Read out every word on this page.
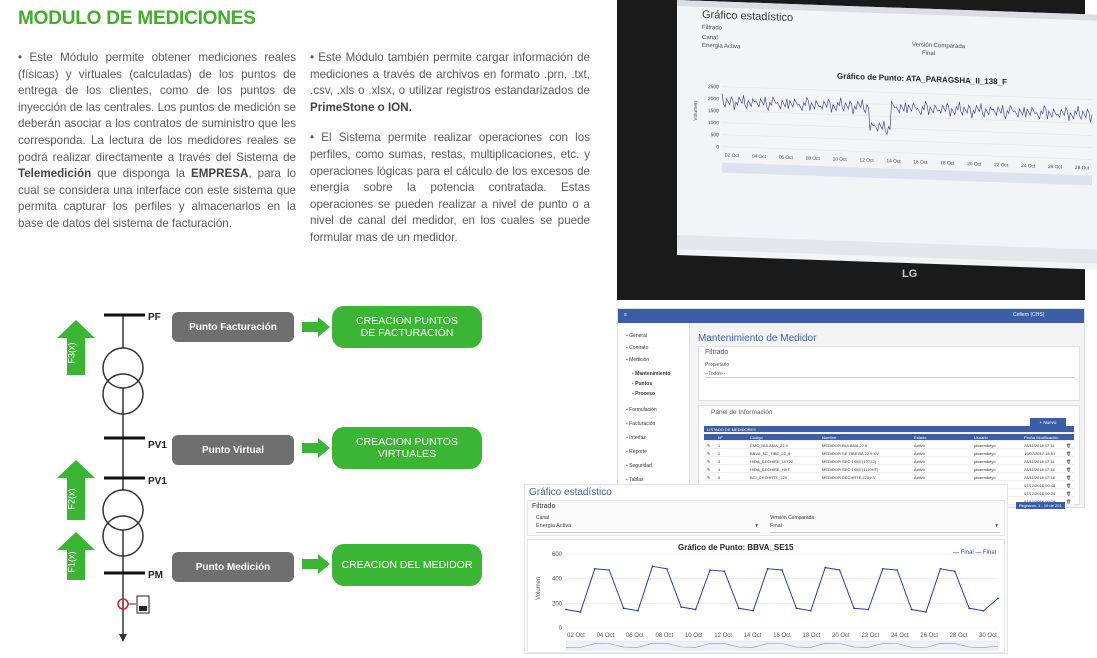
MODULO DE MEDICIONES
• Este Módulo permite obtener mediciones reales (físicas) y virtuales (calculadas) de los puntos de entrega de los clientes, como de los puntos de inyección de las centrales. Los puntos de medición se deberán asociar a los contratos de suministro que les corresponda. La lectura de los medidores reales se podrá realizar directamente a través del Sistema de Telemedición que disponga la EMPRESA, para lo cual se considera una interface con este sistema que permita capturar los perfiles y almacenarlos en la base de datos del sistema de facturación.
• Este Módulo también permite cargar información de mediciones a través de archivos en formato .prn, .txt, .csv, .xls o .xlsx, o utilizar registros estandarizados de PrimeStone o ION.
• El Sistema permite realizar operaciones con los perfiles, como sumas, restas, multiplicaciones, etc. y operaciones lógicas para el cálculo de los excesos de energía sobre la potencia contratada. Estas operaciones se pueden realizar a nivel de punto o a nivel de canal del medidor, en los cuales se puede formular mas de un medidor.
F3(x)
F2(x)
F1(x)
PF
PV1
PV1
PM
Punto Facturación
Punto Virtual
Punto Medición
CREACION PUNTOS DE FACTURACIÓN
CREACION PUNTOS VIRTUALES
CREACION DEL MEDIDOR
Gráfico estadístico
Filtrado
Canal
Energia Activa	Versión Comparada
Final
Gráfico de Punto: ATA_PARAGSHA_II_138_F
2500
2000
1500
1000
500
0
Volumen
02 Oct	04 Oct	06 Oct	08 Oct	10 Oct	12 Oct	14 Oct	16 Oct	18 Oct	20 Oct	22 Oct	24 Oct	26 Oct	28 Oct
LG
≡	Cefiern (CHS)
▪ General
▪ Contrato
▪ Medición
▪ Mantenimiento
▪ Puntos
▪ Proceso
▪ Formulación
▪ Facturación
▪ Interfaz
▪ Reporte
▪ Seguridad
▪ Tablas
Mantenimiento de Medidor
Filtrado
Propietario
--Todos--
Panel de Información
+ Nuevo
LISTADO DE MEDIDORES
Nº	Código	Nombre	Estado	Usuario	Fecha Modificación
✎ 1	CMC_BULAMA_22.9	MEDIDOR BULAMA 22.9	Activo	jdusembeyo	28/11/2018 17:11	🗑
✎ 2	BBVA_SE_TIBE_22_9	MEDIDOR SE TIBE BA 22.9 KV	Activo	jdusembeyo	19/07/2017 18:51	🗑
✎ 3	HIDA_SECHIRE_10T22	MEDIDOR SEO 149S (10T22)	Activo	jdusembeyo	28/11/2018 17:11	🗑
✎ 4	HIDA_SECHIRE_HHT	MEDIDOR SEO 149S (1110HT)	Activo	jdusembeyo	28/11/2018 17:16	🗑
✎ 5	BCI_CECHRTE_220	MEDIDOR DECHRTE 220 KV	Activo	jdusembeyo	28/11/2018 17:18	🗑
07/12/2018 09:48	🗑
07/12/2018 09:24	🗑
🗑
Registros: 1 - 15 de 201
Gráfico estadístico
Filtrado
Canal
Energia Activa	▾
Versión Comparada
Final	▾
Gráfico de Punto: BBVA_SE15
— Final — Final
0
200
400
600
Volumen
02 Oct 04 Oct 06 Oct 08 Oct 10 Oct 12 Oct 14 Oct 16 Oct 18 Oct 20 Oct 22 Oct 24 Oct 26 Oct 28 Oct 30 Oct
